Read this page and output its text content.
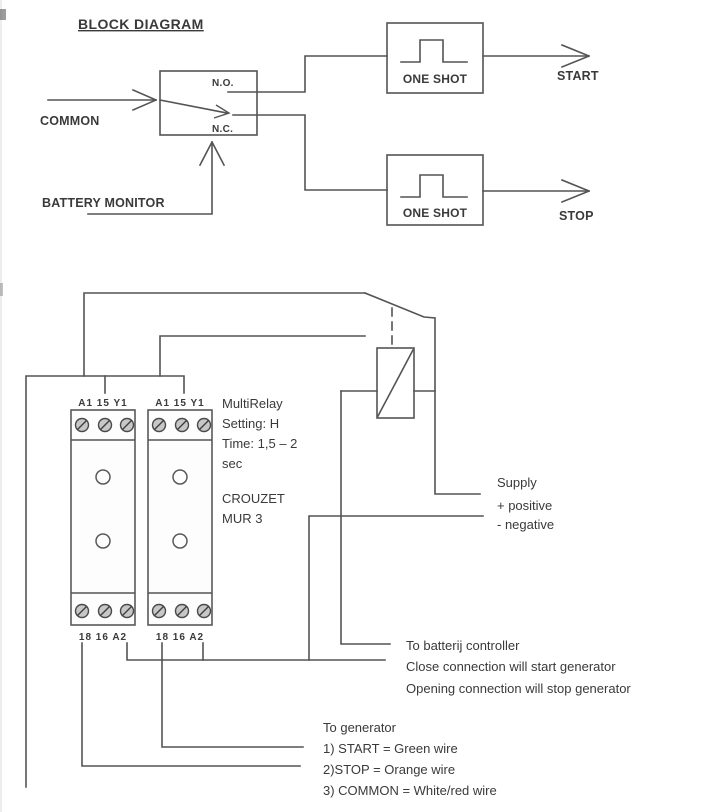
BLOCK DIAGRAM
N.O.
N.C.
COMMON
ONE SHOT	START
ONE SHOT	STOP
BATTERY MONITOR
A1 15 Y1
18 16 A2
A1 15 Y1
18 16 A2
MultiRelay
Setting: H
Time: 1,5 – 2
sec
CROUZET
MUR 3
Supply
+ positive
- negative
To batterij controller
Close connection will start generator
Opening connection will stop generator
To generator
1) START = Green wire
2)STOP = Orange wire
3) COMMON = White/red wire
